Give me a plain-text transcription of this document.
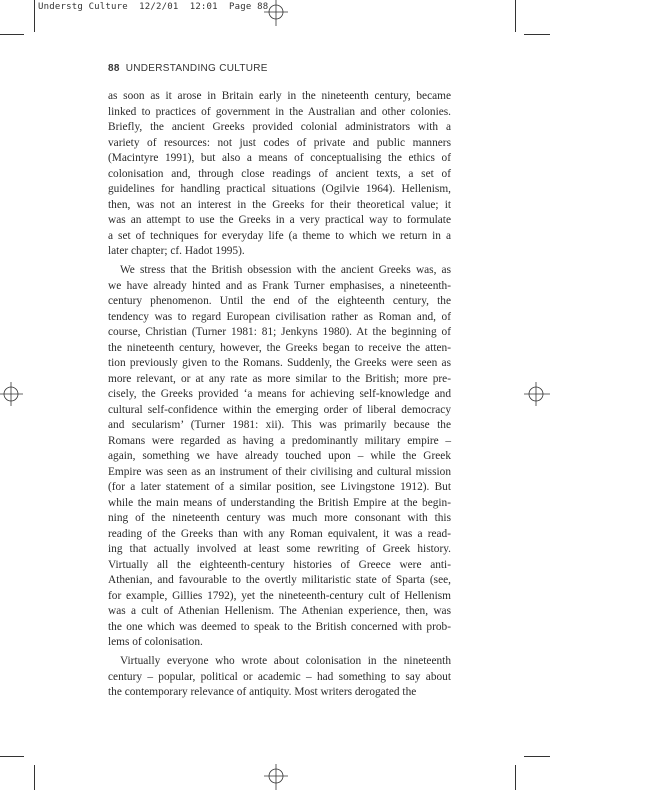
Understg Culture  12/2/01  12:01  Page 88
88 UNDERSTANDING CULTURE

as soon as it arose in Britain early in the nineteenth century, became
linked to practices of government in the Australian and other colonies.
Briefly, the ancient Greeks provided colonial administrators with a
variety of resources: not just codes of private and public manners
(Macintyre 1991), but also a means of conceptualising the ethics of
colonisation and, through close readings of ancient texts, a set of
guidelines for handling practical situations (Ogilvie 1964). Hellenism,
then, was not an interest in the Greeks for their theoretical value; it
was an attempt to use the Greeks in a very practical way to formulate
a set of techniques for everyday life (a theme to which we return in a
later chapter; cf. Hadot 1995).

We stress that the British obsession with the ancient Greeks was, as
we have already hinted and as Frank Turner emphasises, a nineteenth-
century phenomenon. Until the end of the eighteenth century, the
tendency was to regard European civilisation rather as Roman and, of
course, Christian (Turner 1981: 81; Jenkyns 1980). At the beginning of
the nineteenth century, however, the Greeks began to receive the atten-
tion previously given to the Romans. Suddenly, the Greeks were seen as
more relevant, or at any rate as more similar to the British; more pre-
cisely, the Greeks provided ‘a means for achieving self-knowledge and
cultural self-confidence within the emerging order of liberal democracy
and secularism’ (Turner 1981: xii). This was primarily because the
Romans were regarded as having a predominantly military empire –
again, something we have already touched upon – while the Greek
Empire was seen as an instrument of their civilising and cultural mission
(for a later statement of a similar position, see Livingstone 1912). But
while the main means of understanding the British Empire at the begin-
ning of the nineteenth century was much more consonant with this
reading of the Greeks than with any Roman equivalent, it was a read-
ing that actually involved at least some rewriting of Greek history.
Virtually all the eighteenth-century histories of Greece were anti-
Athenian, and favourable to the overtly militaristic state of Sparta (see,
for example, Gillies 1792), yet the nineteenth-century cult of Hellenism
was a cult of Athenian Hellenism. The Athenian experience, then, was
the one which was deemed to speak to the British concerned with prob-
lems of colonisation.

Virtually everyone who wrote about colonisation in the nineteenth
century – popular, political or academic – had something to say about
the contemporary relevance of antiquity. Most writers derogated the
